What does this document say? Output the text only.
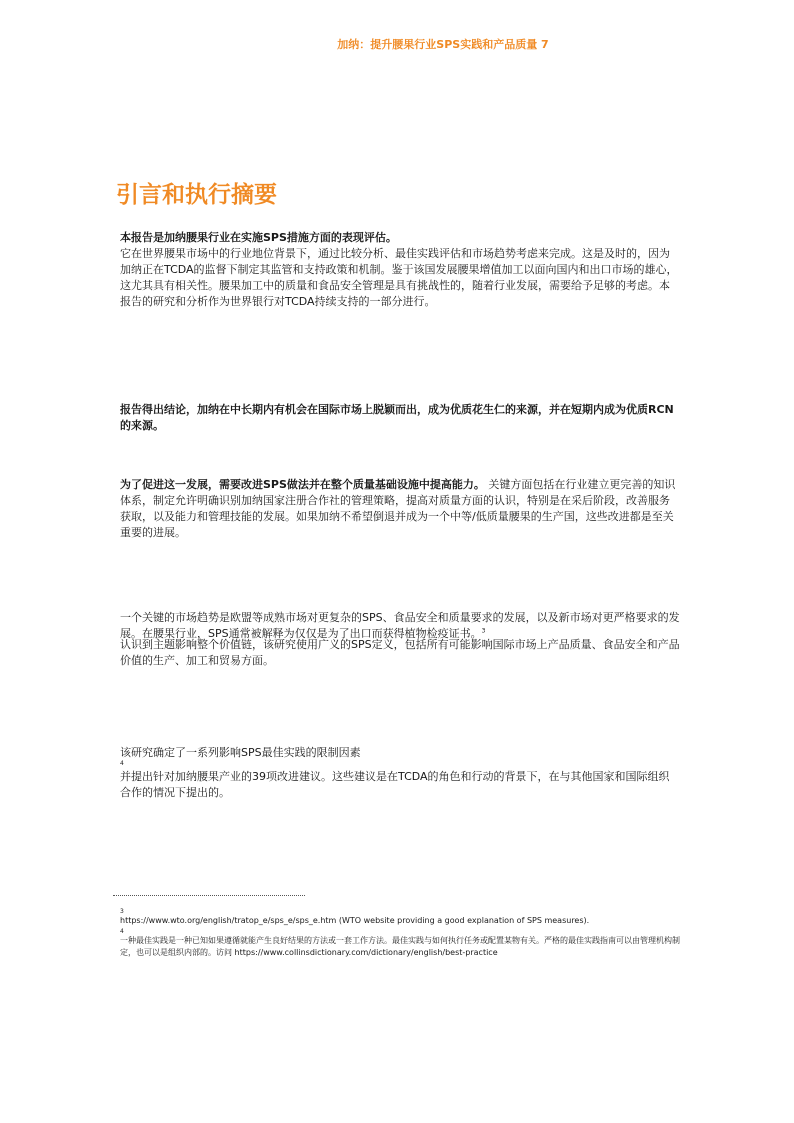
加纳：提升腰果行业SPS实践和产品质量 7
引言和执行摘要

本报告是加纳腰果行业在实施SPS措施方面的表现评估。
它在世界腰果市场中的行业地位背景下，通过比较分析、最佳实践评估和市场趋势考虑来完成。这是及时的，因为加纳正在TCDA的监督下制定其监管和支持政策和机制。鉴于该国发展腰果增值加工以面向国内和出口市场的雄心，这尤其具有相关性。腰果加工中的质量和食品安全管理是具有挑战性的，随着行业发展，需要给予足够的考虑。本报告的研究和分析作为世界银行对TCDA持续支持的一部分进行。

报告得出结论，加纳在中长期内有机会在国际市场上脱颖而出，成为优质花生仁的来源，并在短期内成为优质RCN的来源。

为了促进这一发展，需要改进SPS做法并在整个质量基础设施中提高能力。 关键方面包括在行业建立更完善的知识体系，制定允许明确识别加纳国家注册合作社的管理策略，提高对质量方面的认识，特别是在采后阶段，改善服务获取，以及能力和管理技能的发展。如果加纳不希望倒退并成为一个中等/低质量腰果的生产国，这些改进都是至关重要的进展。

一个关键的市场趋势是欧盟等成熟市场对更复杂的SPS、食品安全和质量要求的发展，以及新市场对更严格要求的发展。在腰果行业，SPS通常被解释为仅仅是为了出口而获得植物检疫证书。$^3$
认识到主题影响整个价值链，该研究使用广义的SPS定义，包括所有可能影响国际市场上产品质量、食品安全和产品价值的生产、加工和贸易方面。

该研究确定了一系列影响SPS最佳实践的限制因素
4
并提出针对加纳腰果产业的39项改进建议。这些建议是在TCDA的角色和行动的背景下，在与其他国家和国际组织合作的情况下提出的。

3
https://www.wto.org/english/tratop_e/sps_e/sps_e.htm (WTO website providing a good explanation of SPS measures).
4
一种最佳实践是一种已知如果遵循就能产生良好结果的方法或一套工作方法。最佳实践与如何执行任务或配置某物有关。严格的最佳实践指南可以由管理机构制定，也可以是组织内部的。访问 https://www.collinsdictionary.com/dictionary/english/best-practice
